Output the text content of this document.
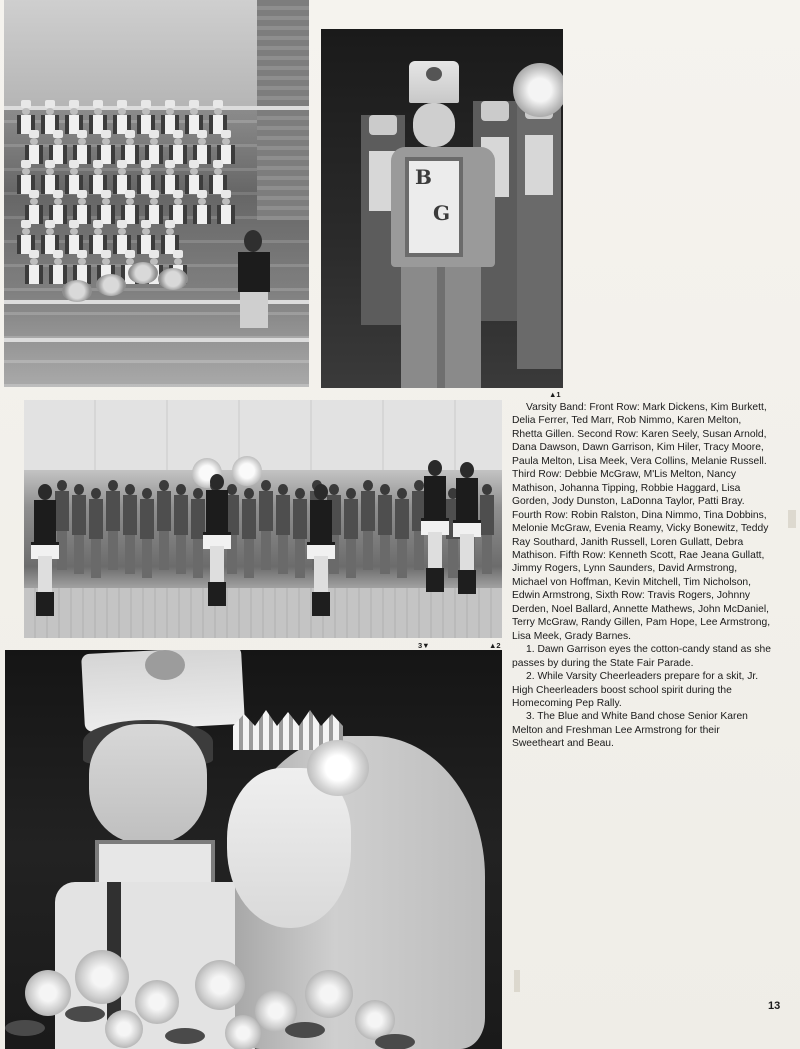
B
G
▲1
3▼	▲2

Varsity Band: Front Row: Mark Dickens, Kim Burkett, Delia Ferrer, Ted Marr, Rob Nimmo, Karen Melton, Rhetta Gillen. Second Row: Karen Seely, Susan Arnold, Dana Dawson, Dawn Garrison, Kim Hiler, Tracy Moore, Paula Melton, Lisa Meek, Vera Collins, Melanie Russell. Third Row: Debbie McGraw, M'Lis Melton, Nancy Mathison, Johanna Tipping, Robbie Haggard, Lisa Gorden, Jody Dunston, LaDonna Taylor, Patti Bray. Fourth Row: Robin Ralston, Dina Nimmo, Tina Dobbins, Melonie McGraw, Evenia Reamy, Vicky Bonewitz, Teddy Ray Southard, Janith Russell, Loren Gullatt, Debra Mathison. Fifth Row: Kenneth Scott, Rae Jeana Gullatt, Jimmy Rogers, Lynn Saunders, David Armstrong, Michael von Hoffman, Kevin Mitchell, Tim Nicholson, Edwin Armstrong, Sixth Row: Travis Rogers, Johnny Derden, Noel Ballard, Annette Mathews, John McDaniel, Terry McGraw, Randy Gillen, Pam Hope, Lee Armstrong, Lisa Meek, Grady Barnes.

1. Dawn Garrison eyes the cotton-candy stand as she passes by during the State Fair Parade.

2. While Varsity Cheerleaders prepare for a skit, Jr. High Cheerleaders boost school spirit during the Homecoming Pep Rally.

3. The Blue and White Band chose Senior Karen Melton and Freshman Lee Armstrong for their Sweetheart and Beau.

13
